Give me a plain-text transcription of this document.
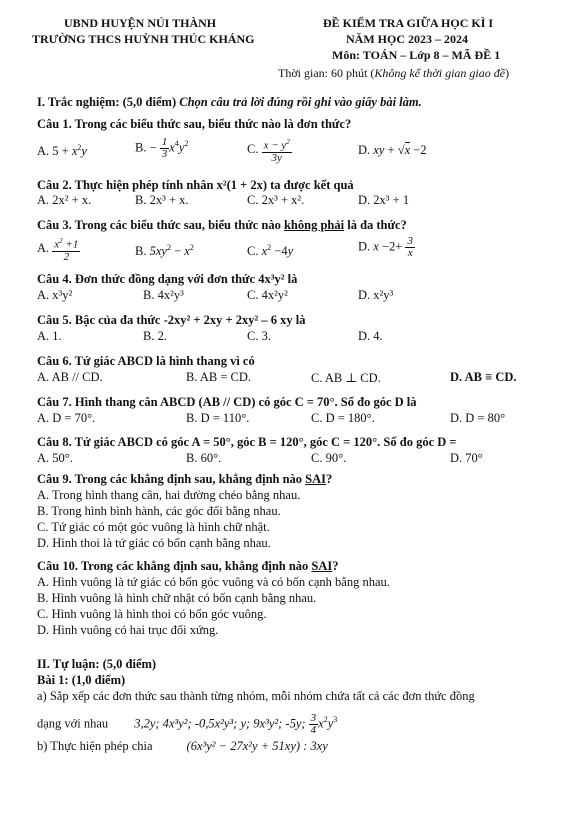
UBND HUYỆN NÚI THÀNH
TRƯỜNG THCS HUỲNH THÚC KHÁNG
ĐỀ KIỂM TRA GIỮA HỌC KÌ I
NĂM HỌC 2023 – 2024
Môn: TOÁN – Lớp 8 – MÃ ĐỀ 1
Thời gian: 60 phút (Không kể thời gian giao đề)
I. Trắc nghiệm: (5,0 điểm) Chọn câu trả lời đúng rồi ghi vào giấy bài làm.
Câu 1. Trong các biểu thức sau, biểu thức nào là đơn thức?
A. $5 + x^2y$	B. − $\frac{1}{3} x^4y^2$	C. $\frac{x - y^2}{3y}$	D. xy + √x −2
Câu 2. Thực hiện phép tính nhân x²(1 + 2x) ta được kết quả
A. 2x² + x.	B. 2x³ + x.	C. 2x³ + x².	D. 2x³ + 1
Câu 3. Trong các biểu thức sau, biểu thức nào không phải là đa thức?
A. $\frac{x^2 +1}{2}$	B. $5xy^2 - x^2$	C. $x^2 -4y$	D. $x -2+ \frac{3}{x}$
Câu 4. Đơn thức đồng dạng với đơn thức 4x³y² là
A. x³y²	B. 4x²y³	C. 4x²y²	D. x²y³
Câu 5. Bậc của đa thức -2xy² + 2xy + 2xy² – 6 xy là
A. 1.	B. 2.	C. 3.	D. 4.
Câu 6. Tứ giác ABCD là hình thang vì có
A. AB // CD.	B. AB = CD.	C. AB ⊥ CD.	D. AB ≡ CD.
Câu 7. Hình thang cân ABCD (AB // CD) có góc C = 70°. Số đo góc D là
A. D = 70°.	B. D = 110°.	C. D = 180°.	D. D = 80°
Câu 8. Tứ giác ABCD có góc A = 50°, góc B = 120°, góc C = 120°. Số đo góc D =
A. 50°.	B. 60°.	C. 90°.	D. 70°
Câu 9. Trong các khẳng định sau, khẳng định nào SAI?
A. Trong hình thang cân, hai đường chéo bằng nhau.
B. Trong hình bình hành, các góc đối bằng nhau.
C. Tứ giác có một góc vuông là hình chữ nhật.
D. Hình thoi là tứ giác có bốn cạnh bằng nhau.
Câu 10. Trong các khẳng định sau, khẳng định nào SAI?
A. Hình vuông là tứ giác có bốn góc vuông và có bốn cạnh bằng nhau.
B. Hình vuông là hình chữ nhật có bốn cạnh bằng nhau.
C. Hình vuông là hình thoi có bốn góc vuông.
D. Hình vuông có hai trục đối xứng.
II. Tự luận: (5,0 điểm)
Bài 1: (1,0 điểm)
a) Sắp xếp các đơn thức sau thành từng nhóm, mỗi nhóm chứa tất cả các đơn thức đồng
dạng với nhau 3,2y; 4x³y²; -0,5x²y³; y; 9x³y²; -5y; $\frac{3}{4} x^2y^3$
b) Thực hiện phép chia	(6x³y² − 27x²y + 51xy) : 3xy
